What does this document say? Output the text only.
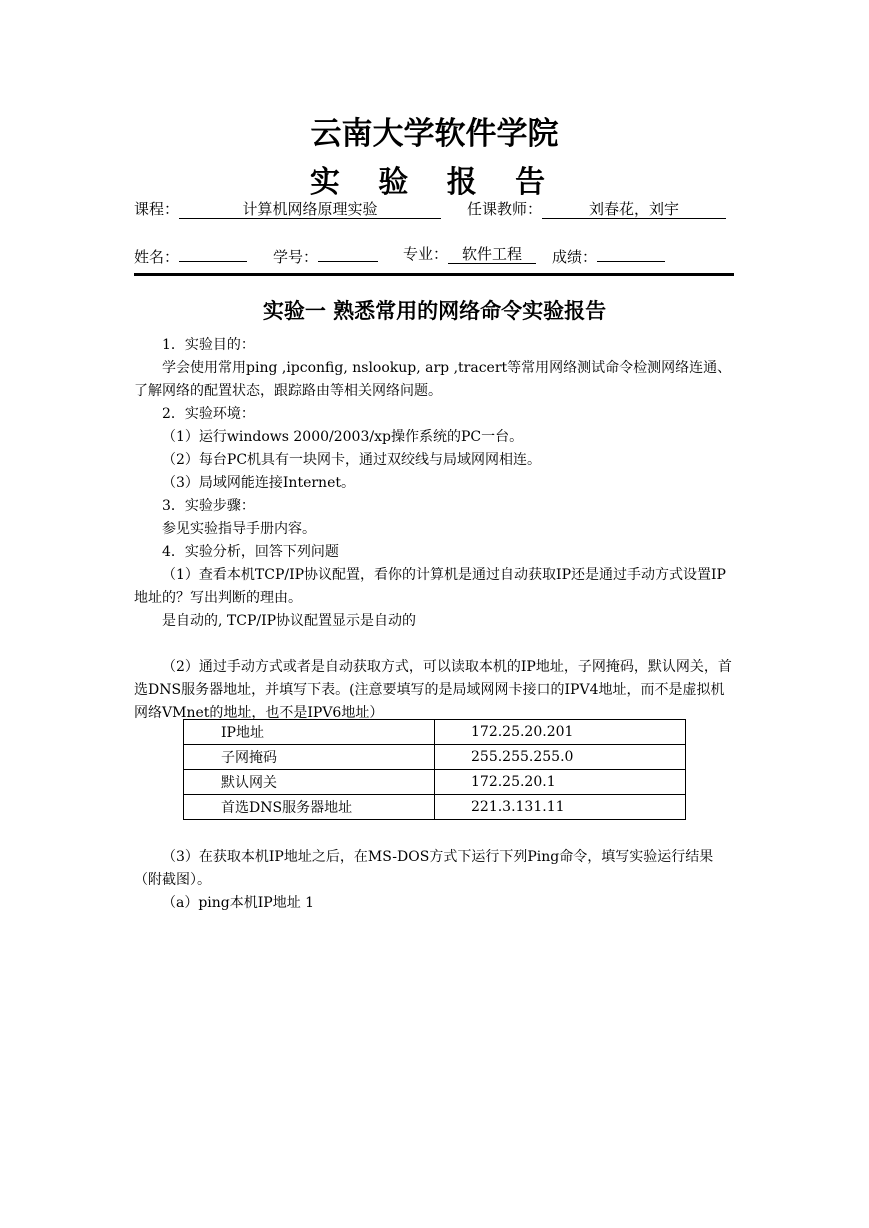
云南大学软件学院
实 验 报 告
课程：	计算机网络原理实验	任课教师：	刘春花，刘宇
姓名：	学号：	专业： 软件工程	成绩：
实验一 熟悉常用的网络命令实验报告
1．实验目的：
学会使用常用ping ,ipconfig, nslookup, arp ,tracert等常用网络测试命令检测网络连通、了解网络的配置状态，跟踪路由等相关网络问题。
2．实验环境：
（1）运行windows 2000/2003/xp操作系统的PC一台。
（2）每台PC机具有一块网卡，通过双绞线与局域网网相连。
（3）局域网能连接Internet。
3．实验步骤：
参见实验指导手册内容。
4．实验分析，回答下列问题
（1）查看本机TCP/IP协议配置，看你的计算机是通过自动获取IP还是通过手动方式设置IP地址的？写出判断的理由。
是自动的, TCP/IP协议配置显示是自动的
（2）通过手动方式或者是自动获取方式，可以读取本机的IP地址，子网掩码，默认网关，首选DNS服务器地址，并填写下表。(注意要填写的是局域网网卡接口的IPV4地址，而不是虚拟机网络VMnet的地址，也不是IPV6地址）
IP地址	172.25.20.201
子网掩码	255.255.255.0
默认网关	172.25.20.1
首选DNS服务器地址	221.3.131.11
（3）在获取本机IP地址之后，在MS-DOS方式下运行下列Ping命令，填写实验运行结果（附截图）。
（a）ping本机IP地址 1
